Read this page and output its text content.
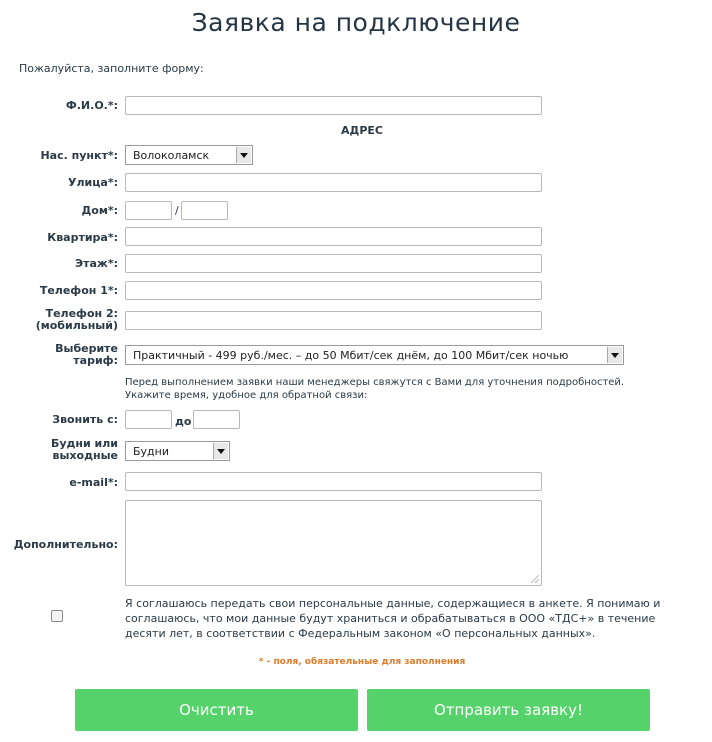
Заявка на подключение
Пожалуйста, заполните форму:
Ф.И.О.*:
АДРЕС
Нас. пункт*: Волоколамск
Улица*:
Дом*:	/
Квартира*:
Этаж*:
Телефон 1*:
Телефон 2:
(мобильный)
Выберите
тариф: Практичный - 499 руб./мес. – до 50 Мбит/сек днём, до 100 Мбит/сек ночью
Перед выполнением заявки наши менеджеры свяжутся с Вами для уточнения подробностей.
Укажите время, удобное для обратной связи:
Звонить с:	до
Будни или
выходные Будни
e-mail*:
Дополнительно:
Я соглашаюсь передать свои персональные данные, содержащиеся в анкете. Я понимаю и соглашаюсь, что мои данные будут храниться и обрабатываться в ООО «ТДС+» в течение десяти лет, в соответствии с Федеральным законом «О персональных данных».
* - поля, обязательные для заполнения
Очистить	Отправить заявку!
